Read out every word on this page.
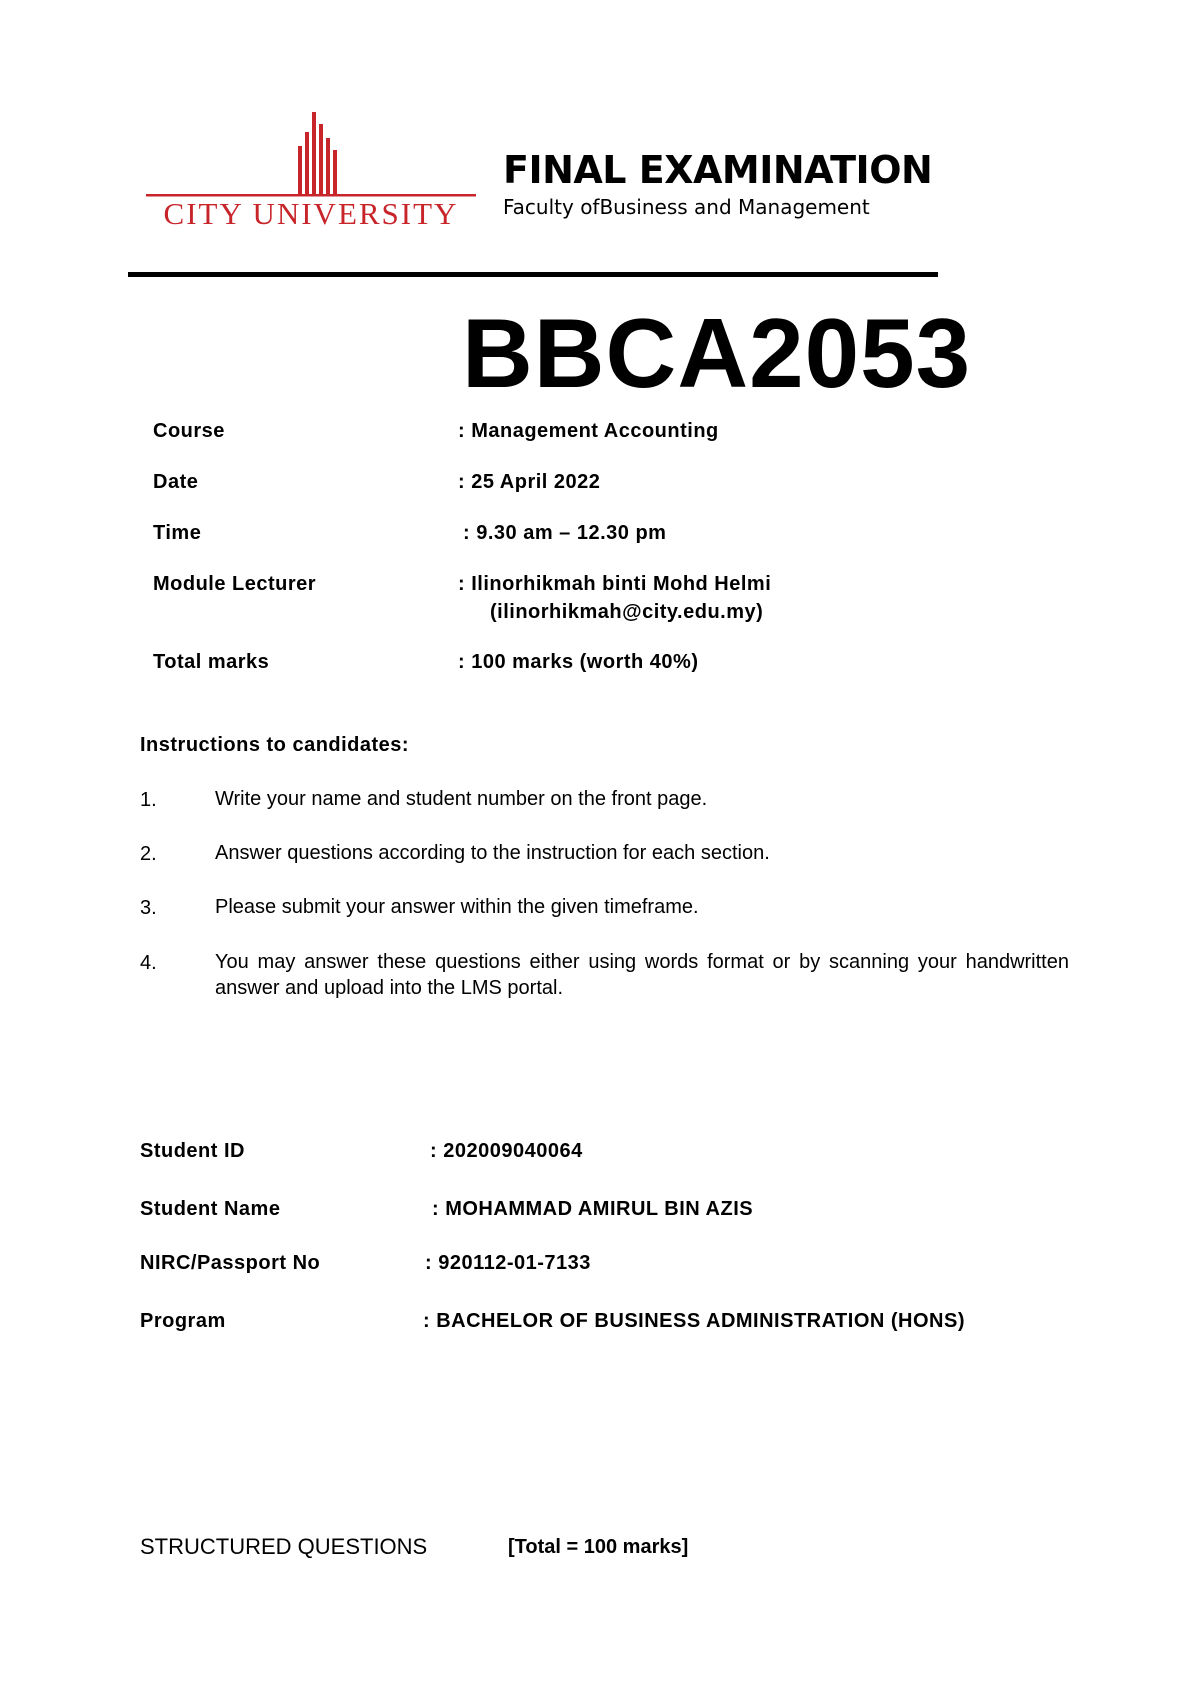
CITY UNIVERSITY
FINAL EXAMINATION
Faculty ofBusiness and Management
BBCA2053
Course	: Management Accounting
Date	: 25 April 2022
Time	: 9.30 am – 12.30 pm
Module Lecturer	: Ilinorhikmah binti Mohd Helmi
(ilinorhikmah@city.edu.my)
Total marks	: 100 marks (worth 40%)
Instructions to candidates:
1.	Write your name and student number on the front page.
2.	Answer questions according to the instruction for each section.
3.	Please submit your answer within the given timeframe.
4.	You may answer these questions either using words format or by scanning your handwritten answer and upload into the LMS portal.
Student ID	: 202009040064
Student Name	: MOHAMMAD AMIRUL BIN AZIS
NIRC/Passport No	: 920112-01-7133
Program	: BACHELOR OF BUSINESS ADMINISTRATION (HONS)
STRUCTURED QUESTIONS	[Total = 100 marks]
